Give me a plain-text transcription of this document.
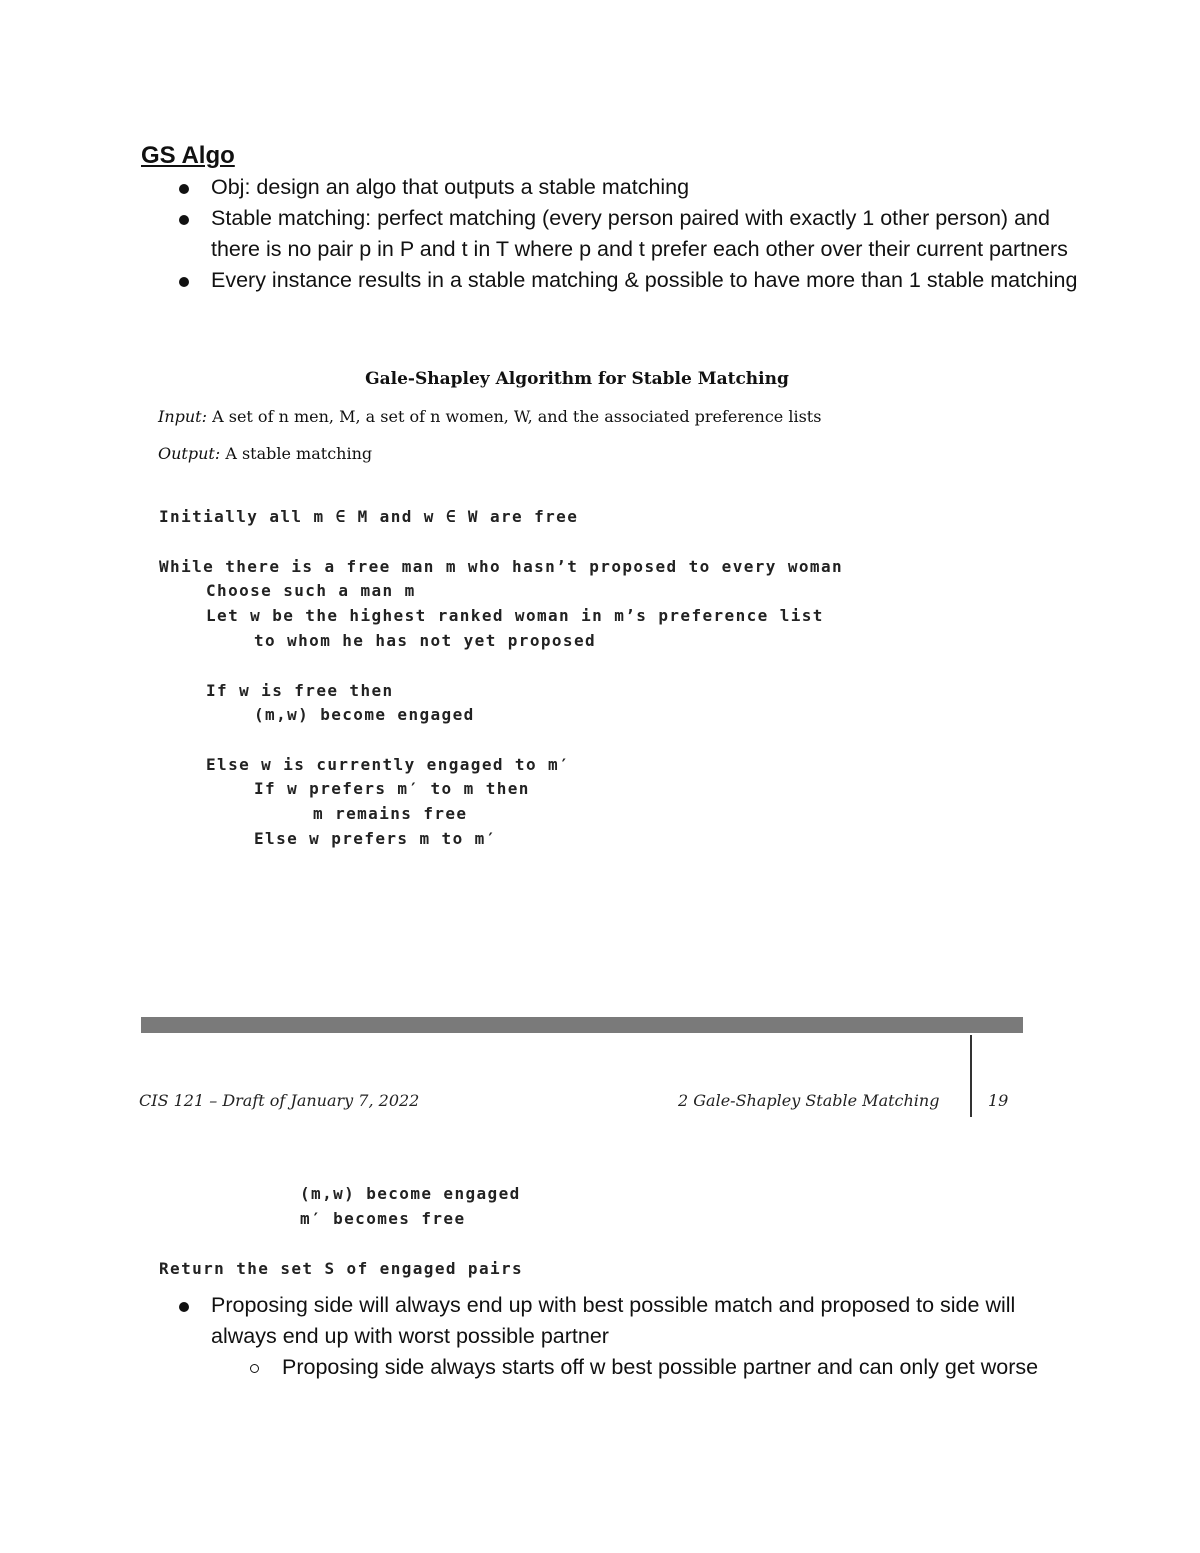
GS Algo
Obj: design an algo that outputs a stable matching
Stable matching: perfect matching (every person paired with exactly 1 other person) and there is no pair p in P and t in T where p and t prefer each other over their current partners
Every instance results in a stable matching & possible to have more than 1 stable matching
Gale-Shapley Algorithm for Stable Matching
Input: A set of n men, M, a set of n women, W, and the associated preference lists
Output: A stable matching
Initially all m ∈ M and w ∈ W are free
While there is a free man m who hasn’t proposed to every woman
Choose such a man m
Let w be the highest ranked woman in m’s preference list
to whom he has not yet proposed
If w is free then
(m,w) become engaged
Else w is currently engaged to m′
If w prefers m′ to m then
m remains free
Else w prefers m to m′
CIS 121 – Draft of January 7, 2022	2 Gale-Shapley Stable Matching	19
(m,w) become engaged
m′ becomes free
Return the set S of engaged pairs
Proposing side will always end up with best possible match and proposed to side will always end up with worst possible partner
Proposing side always starts off w best possible partner and can only get worse
